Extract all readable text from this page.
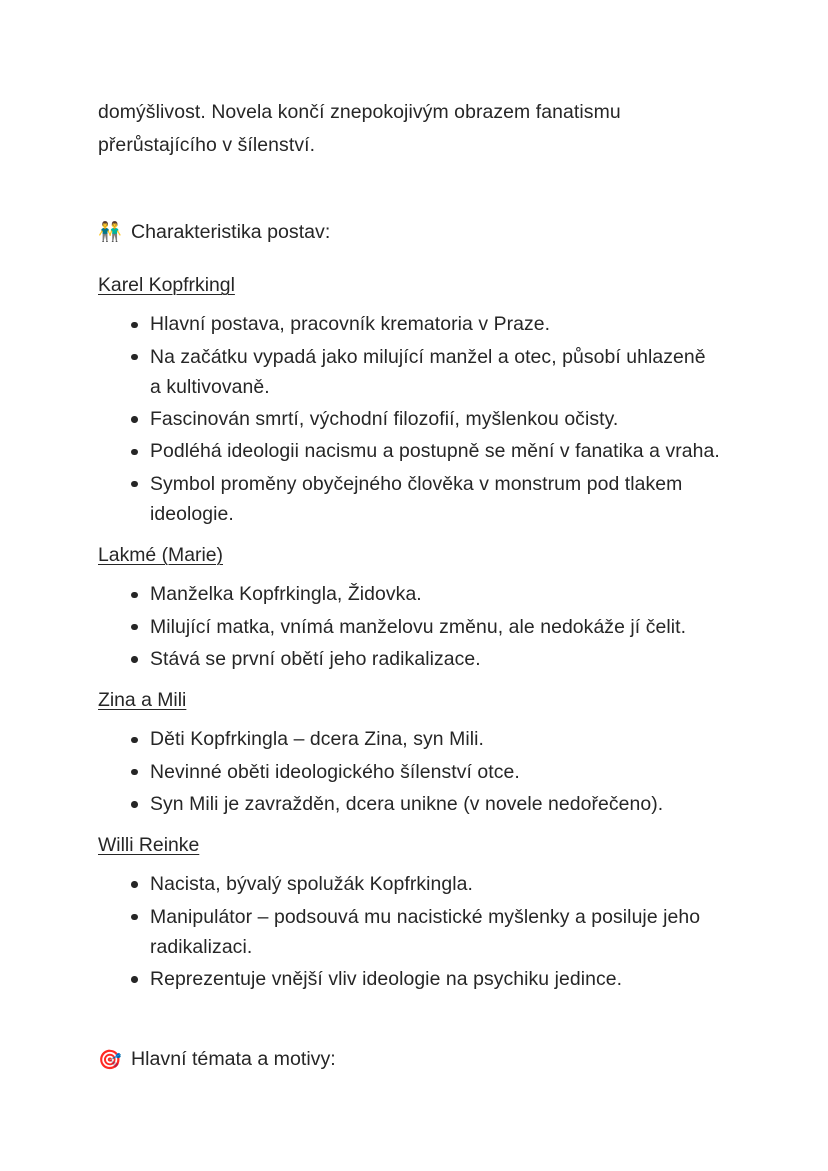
domýšlivost. Novela končí znepokojivým obrazem fanatismu přerůstajícího v šílenství.

👬 Charakteristika postav:
Karel Kopfrkingl
Hlavní postava, pracovník krematoria v Praze.
Na začátku vypadá jako milující manžel a otec, působí uhlazeně a kultivovaně.
Fascinován smrtí, východní filozofií, myšlenkou očisty.
Podléhá ideologii nacismu a postupně se mění v fanatika a vraha.
Symbol proměny obyčejného člověka v monstrum pod tlakem ideologie.
Lakmé (Marie)
Manželka Kopfrkingla, Židovka.
Milující matka, vnímá manželovu změnu, ale nedokáže jí čelit.
Stává se první obětí jeho radikalizace.
Zina a Mili
Děti Kopfrkingla – dcera Zina, syn Mili.
Nevinné oběti ideologického šílenství otce.
Syn Mili je zavražděn, dcera unikne (v novele nedořečeno).
Willi Reinke
Nacista, bývalý spolužák Kopfrkingla.
Manipulátor – podsouvá mu nacistické myšlenky a posiluje jeho radikalizaci.
Reprezentuje vnější vliv ideologie na psychiku jedince.
🎯 Hlavní témata a motivy:
